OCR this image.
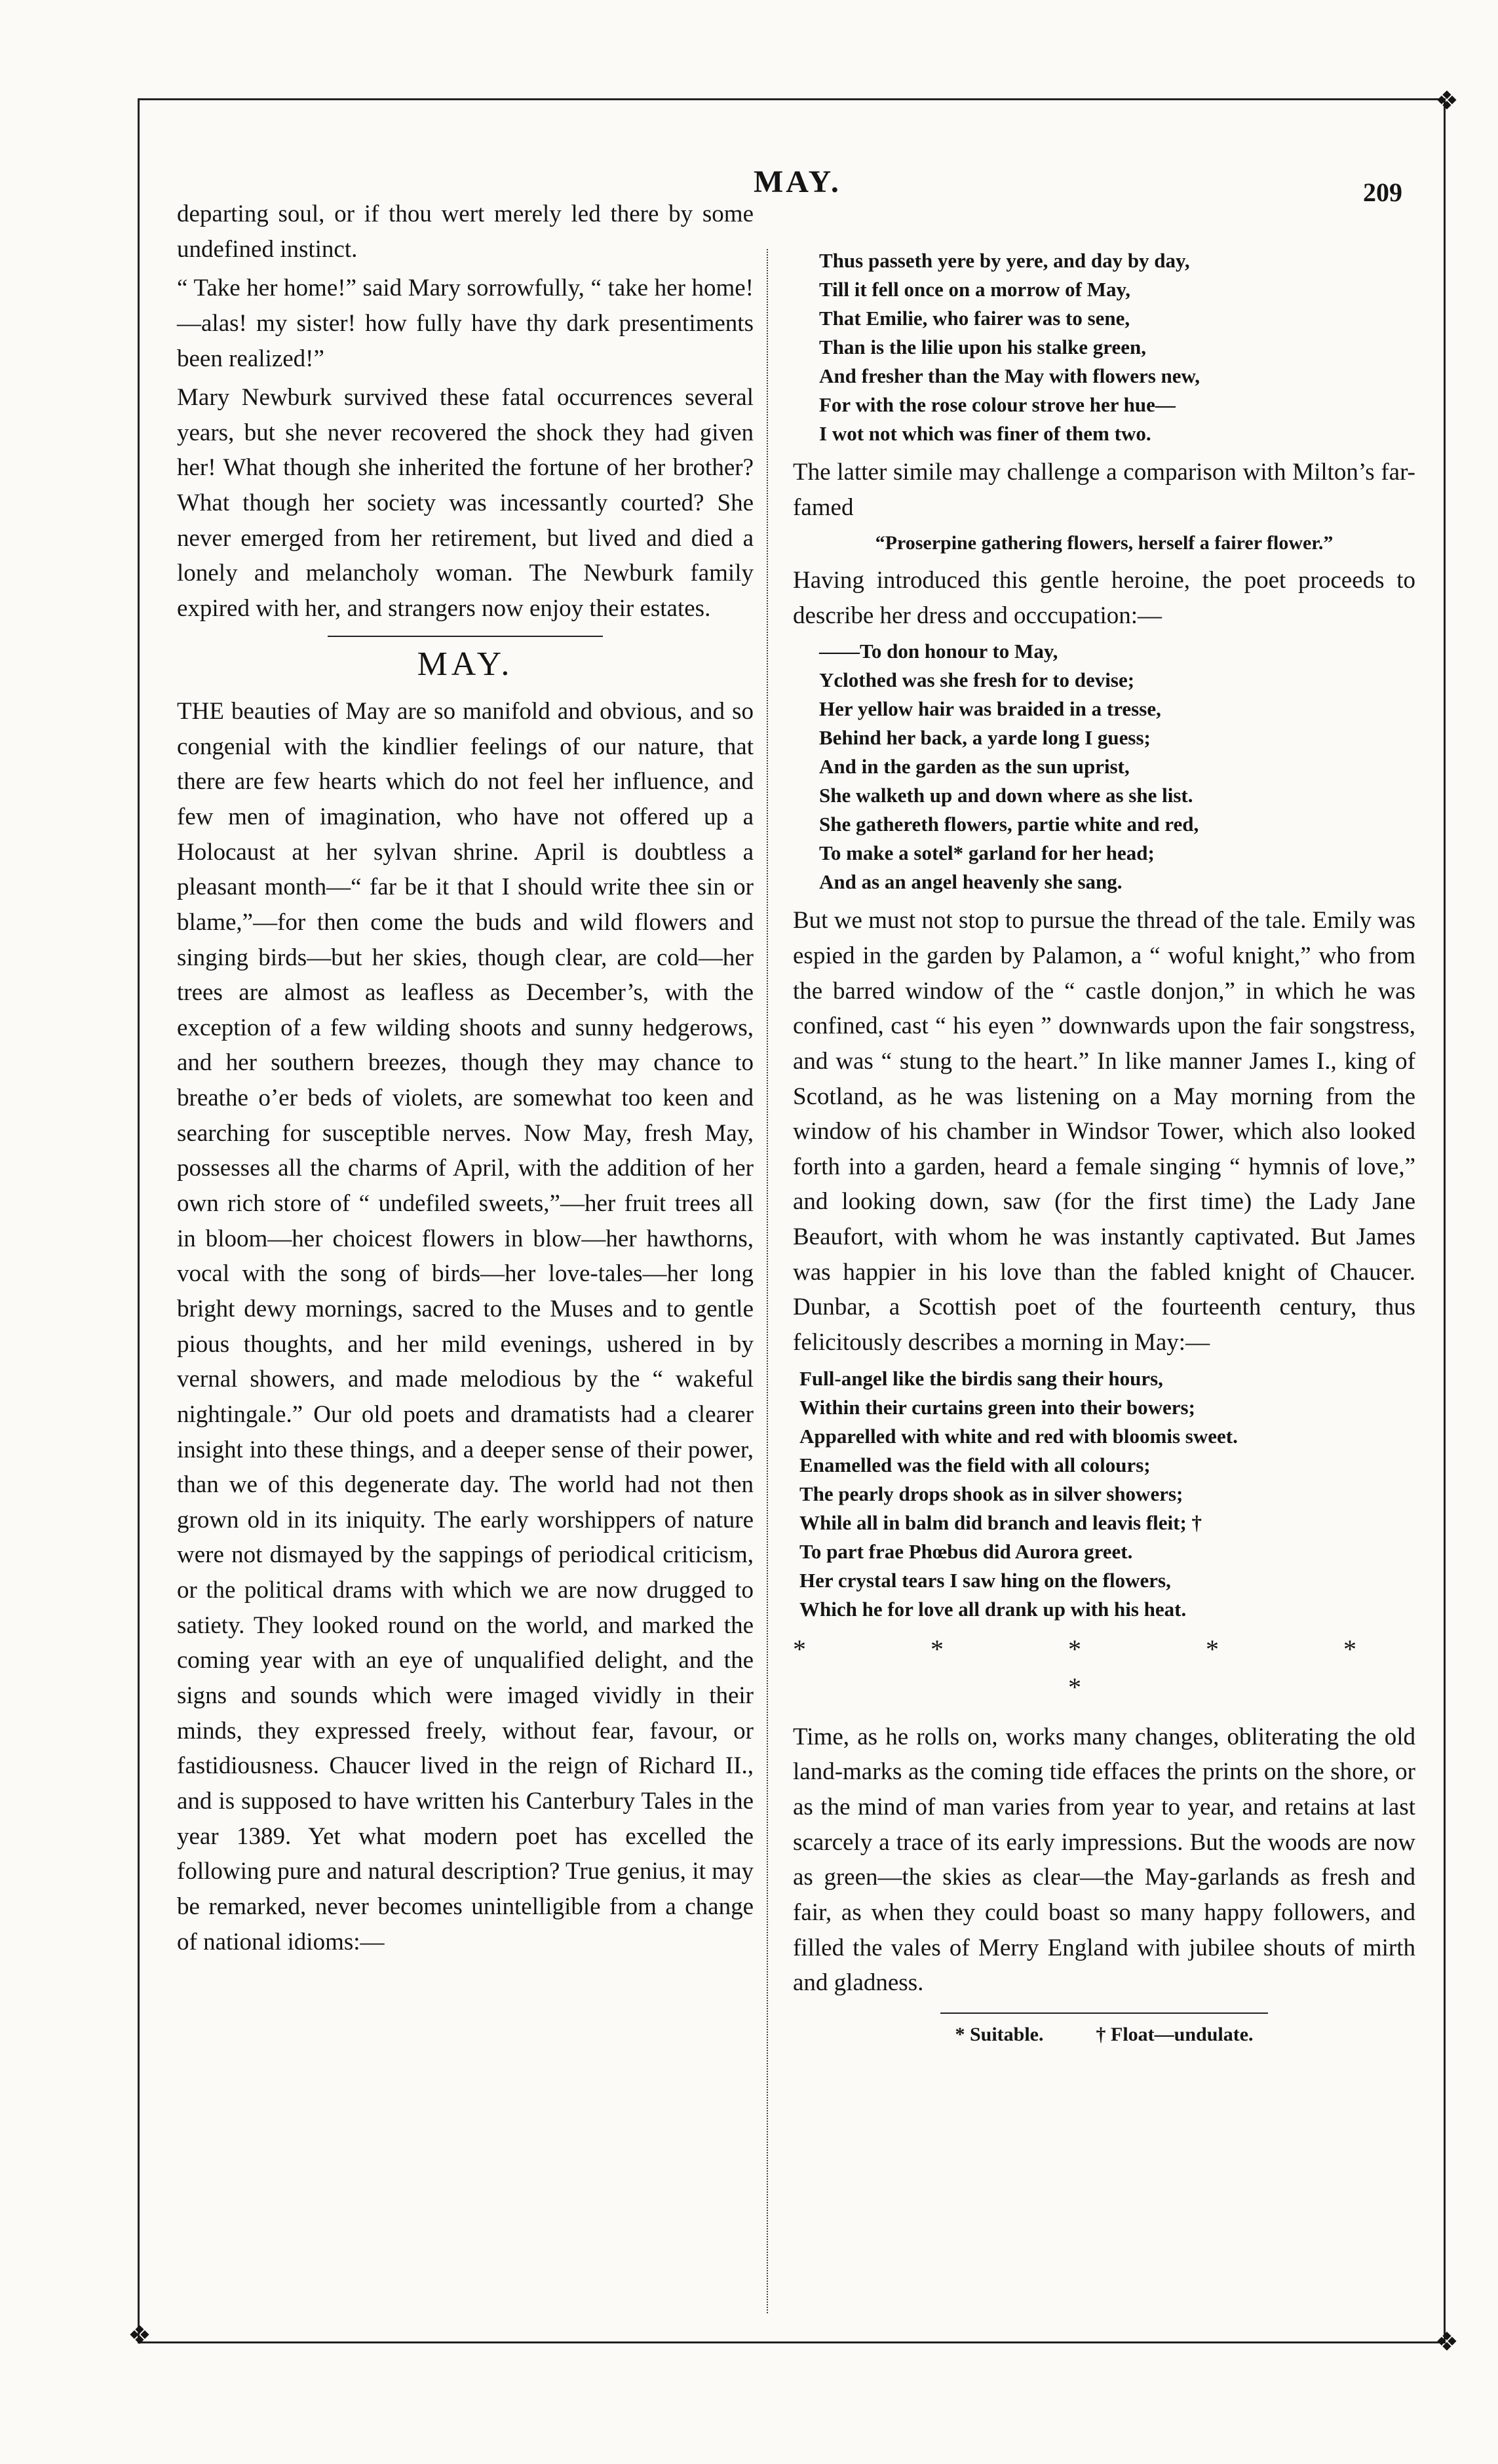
❖
❖
❖
MAY.	209

departing soul, or if thou wert merely led there by some undefined instinct.

“ Take her home!” said Mary sorrowfully, “ take her home!—alas! my sister! how fully have thy dark presentiments been realized!”

Mary Newburk survived these fatal occurrences several years, but she never recovered the shock they had given her! What though she inherited the fortune of her brother? What though her society was incessantly courted? She never emerged from her retirement, but lived and died a lonely and melancholy woman. The Newburk family expired with her, and strangers now enjoy their estates.

MAY.

THE beauties of May are so manifold and obvious, and so congenial with the kindlier feelings of our nature, that there are few hearts which do not feel her influence, and few men of imagination, who have not offered up a Holocaust at her sylvan shrine. April is doubtless a pleasant month—“ far be it that I should write thee sin or blame,”—for then come the buds and wild flowers and singing birds—but her skies, though clear, are cold—her trees are almost as leafless as December’s, with the exception of a few wilding shoots and sunny hedgerows, and her southern breezes, though they may chance to breathe o’er beds of violets, are somewhat too keen and searching for susceptible nerves. Now May, fresh May, possesses all the charms of April, with the addition of her own rich store of “ undefiled sweets,”—her fruit trees all in bloom—her choicest flowers in blow—her hawthorns, vocal with the song of birds—her love-tales—her long bright dewy mornings, sacred to the Muses and to gentle pious thoughts, and her mild evenings, ushered in by vernal showers, and made melodious by the “ wakeful nightingale.” Our old poets and dramatists had a clearer insight into these things, and a deeper sense of their power, than we of this degenerate day. The world had not then grown old in its iniquity. The early worshippers of nature were not dismayed by the sappings of periodical criticism, or the political drams with which we are now drugged to satiety. They looked round on the world, and marked the coming year with an eye of unqualified delight, and the signs and sounds which were imaged vividly in their minds, they expressed freely, without fear, favour, or fastidiousness. Chaucer lived in the reign of Richard II., and is supposed to have written his Canterbury Tales in the year 1389. Yet what modern poet has excelled the following pure and natural description? True genius, it may be remarked, never becomes unintelligible from a change of national idioms:—

Thus passeth yere by yere, and day by day,
Till it fell once on a morrow of May,
That Emilie, who fairer was to sene,
Than is the lilie upon his stalke green,
And fresher than the May with flowers new,
For with the rose colour strove her hue—
I wot not which was finer of them two.

The latter simile may challenge a comparison with Milton’s far-famed

“Proserpine gathering flowers, herself a fairer flower.”

Having introduced this gentle heroine, the poet proceeds to describe her dress and occcupation:—

——To don honour to May,
Yclothed was she fresh for to devise;
Her yellow hair was braided in a tresse,
Behind her back, a yarde long I guess;
And in the garden as the sun uprist,
She walketh up and down where as she list.
She gathereth flowers, partie white and red,
To make a sotel* garland for her head;
And as an angel heavenly she sang.

But we must not stop to pursue the thread of the tale. Emily was espied in the garden by Palamon, a “ woful knight,” who from the barred window of the “ castle donjon,” in which he was confined, cast “ his eyen ” downwards upon the fair songstress, and was “ stung to the heart.” In like manner James I., king of Scotland, as he was listening on a May morning from the window of his chamber in Windsor Tower, which also looked forth into a garden, heard a female singing “ hymnis of love,” and looking down, saw (for the first time) the Lady Jane Beaufort, with whom he was instantly captivated. But James was happier in his love than the fabled knight of Chaucer. Dunbar, a Scottish poet of the fourteenth century, thus felicitously describes a morning in May:—

Full-angel like the birdis sang their hours,
Within their curtains green into their bowers;
Apparelled with white and red with bloomis sweet.
Enamelled was the field with all colours;
The pearly drops shook as in silver showers;
While all in balm did branch and leavis fleit; †
To part frae Phœbus did Aurora greet.
Her crystal tears I saw hing on the flowers,
Which he for love all drank up with his heat.
* * * * * *

Time, as he rolls on, works many changes, obliterating the old land-marks as the coming tide effaces the prints on the shore, or as the mind of man varies from year to year, and retains at last scarcely a trace of its early impressions. But the woods are now as green—the skies as clear—the May-garlands as fresh and fair, as when they could boast so many happy followers, and filled the vales of Merry England with jubilee shouts of mirth and gladness.

* Suitable.	† Float—undulate.
